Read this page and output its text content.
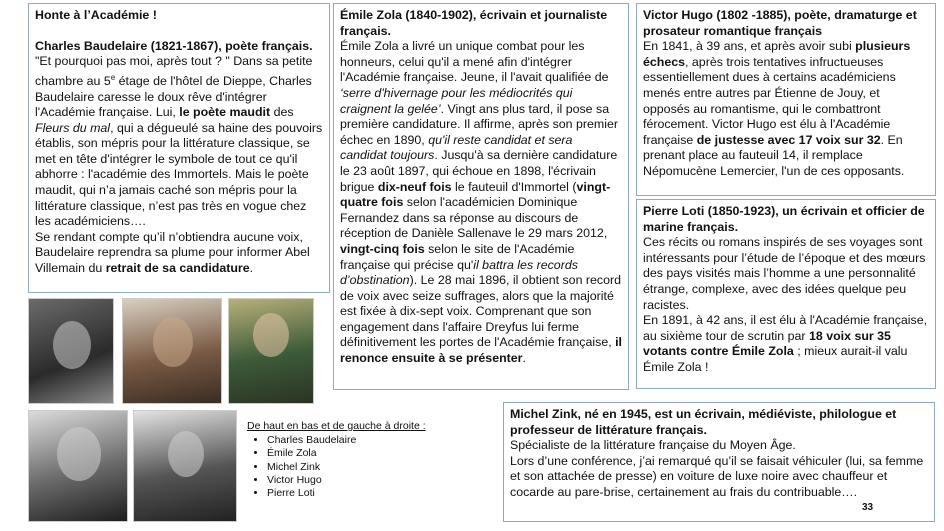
Honte à l’Académie !

Charles Baudelaire (1821-1867), poète français.

"Et pourquoi pas moi, après tout ? " Dans sa petite chambre au 5e étage de l'hôtel de Dieppe, Charles Baudelaire caresse le doux rêve d'intégrer l'Académie française. Lui, le poète maudit des Fleurs du mal, qui a dégueulé sa haine des pouvoirs établis, son mépris pour la littérature classique, se met en tête d'intégrer le symbole de tout ce qu'il abhorre : l'académie des Immortels. Mais le poète maudit, qui n’a jamais caché son mépris pour la littérature classique, n’est pas très en vogue chez les académiciens….

Se rendant compte qu’il n’obtiendra aucune voix, Baudelaire reprendra sa plume pour informer Abel Villemain du retrait de sa candidature.

Émile Zola (1840-1902), écrivain et journaliste français.

Émile Zola a livré un unique combat pour les honneurs, celui qu'il a mené afin d'intégrer l'Académie française. Jeune, il l'avait qualifiée de ‘serre d'hivernage pour les médiocrités qui craignent la gelée’. Vingt ans plus tard, il pose sa première candidature. Il affirme, après son premier échec en 1890, qu'il reste candidat et sera candidat toujours. Jusqu'à sa dernière candidature le 23 août 1897, qui échoue en 1898, l'écrivain brigue dix-neuf fois le fauteuil d'Immortel (vingt-quatre fois selon l'académicien Dominique Fernandez dans sa réponse au discours de réception de Danièle Sallenave le 29 mars 2012, vingt-cinq fois selon le site de l'Académie française qui précise qu'il battra les records d’obstination). Le 28 mai 1896, il obtient son record de voix avec seize suffrages, alors que la majorité est fixée à dix-sept voix. Comprenant que son engagement dans l'affaire Dreyfus lui ferme définitivement les portes de l'Académie française, il renonce ensuite à se présenter.

Victor Hugo (1802 -1885), poète, dramaturge et prosateur romantique français

En 1841, à 39 ans, et après avoir subi plusieurs échecs, après trois tentatives infructueuses essentiellement dues à certains académiciens menés entre autres par Étienne de Jouy, et opposés au romantisme, qui le combattront férocement. Victor Hugo est élu à l'Académie française de justesse avec 17 voix sur 32. En prenant place au fauteuil 14, il remplace Népomucène Lemercier, l'un de ces opposants.

Pierre Loti (1850-1923), un écrivain et officier de marine français.

Ces récits ou romans inspirés de ses voyages sont intéressants pour l’étude de l’époque et des mœurs des pays visités mais l’homme a une personnalité étrange, complexe, avec des idées quelque peu racistes.

En 1891, à 42 ans, il est élu à l'Académie française, au sixième tour de scrutin par 18 voix sur 35 votants contre Émile Zola ; mieux aurait-il valu Émile Zola !

Michel Zink, né en 1945, est un écrivain, médiéviste, philologue et professeur de littérature français.

Spécialiste de la littérature française du Moyen Âge.

Lors d’une conférence, j’ai remarqué qu’il se faisait véhiculer (lui, sa femme et son attachée de presse) en voiture de luxe noire avec chauffeur et cocarde au pare-brise, certainement au frais du contribuable….

De haut en bas et de gauche à droite :
• Charles Baudelaire
• Émile Zola
• Michel Zink
• Victor Hugo
• Pierre Loti
33
